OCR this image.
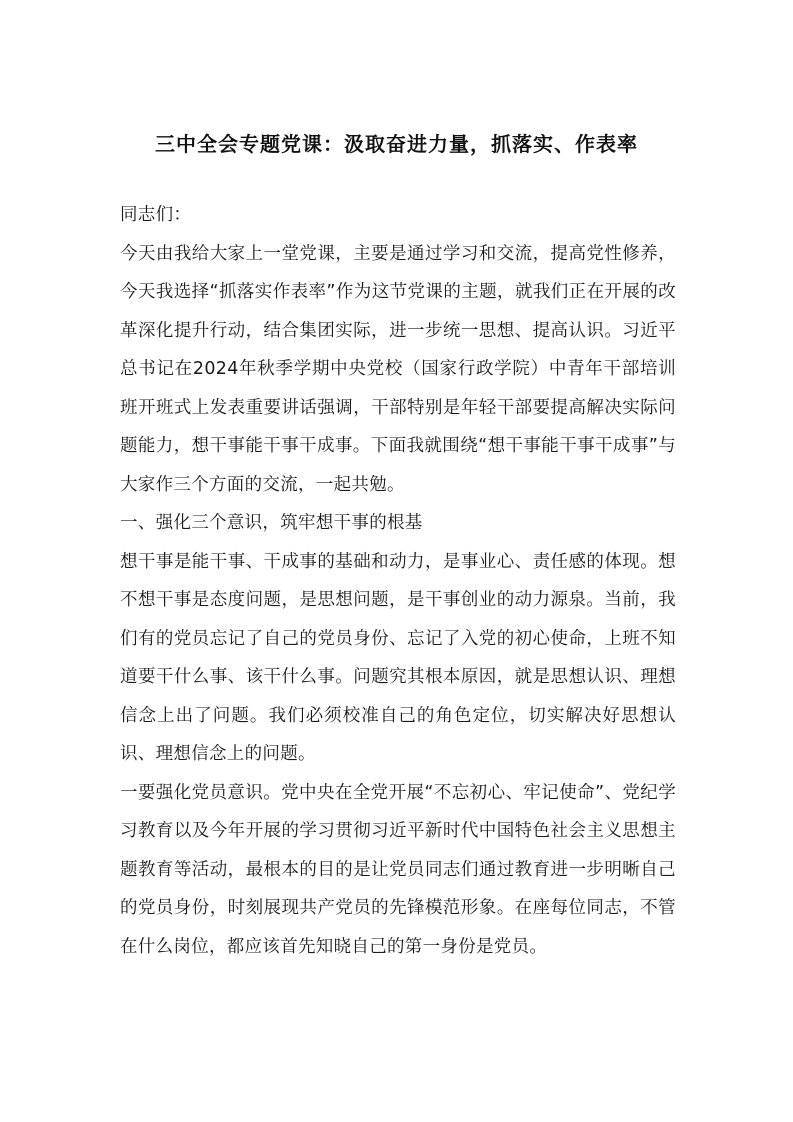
三中全会专题党课：汲取奋进力量，抓落实、作表率

同志们：

今天由我给大家上一堂党课，主要是通过学习和交流，提高党性修养，今天我选择“抓落实作表率”作为这节党课的主题，就我们正在开展的改革深化提升行动，结合集团实际，进一步统一思想、提高认识。习近平总书记在2024年秋季学期中央党校（国家行政学院）中青年干部培训班开班式上发表重要讲话强调，干部特别是年轻干部要提高解决实际问题能力，想干事能干事干成事。下面我就围绕“想干事能干事干成事”与大家作三个方面的交流，一起共勉。

一、强化三个意识，筑牢想干事的根基

想干事是能干事、干成事的基础和动力，是事业心、责任感的体现。想不想干事是态度问题，是思想问题，是干事创业的动力源泉。当前，我们有的党员忘记了自己的党员身份、忘记了入党的初心使命，上班不知道要干什么事、该干什么事。问题究其根本原因，就是思想认识、理想信念上出了问题。我们必须校准自己的角色定位，切实解决好思想认识、理想信念上的问题。

一要强化党员意识。党中央在全党开展“不忘初心、牢记使命”、党纪学习教育以及今年开展的学习贯彻习近平新时代中国特色社会主义思想主题教育等活动，最根本的目的是让党员同志们通过教育进一步明晰自己的党员身份，时刻展现共产党员的先锋模范形象。在座每位同志，不管在什么岗位，都应该首先知晓自己的第一身份是党员。
